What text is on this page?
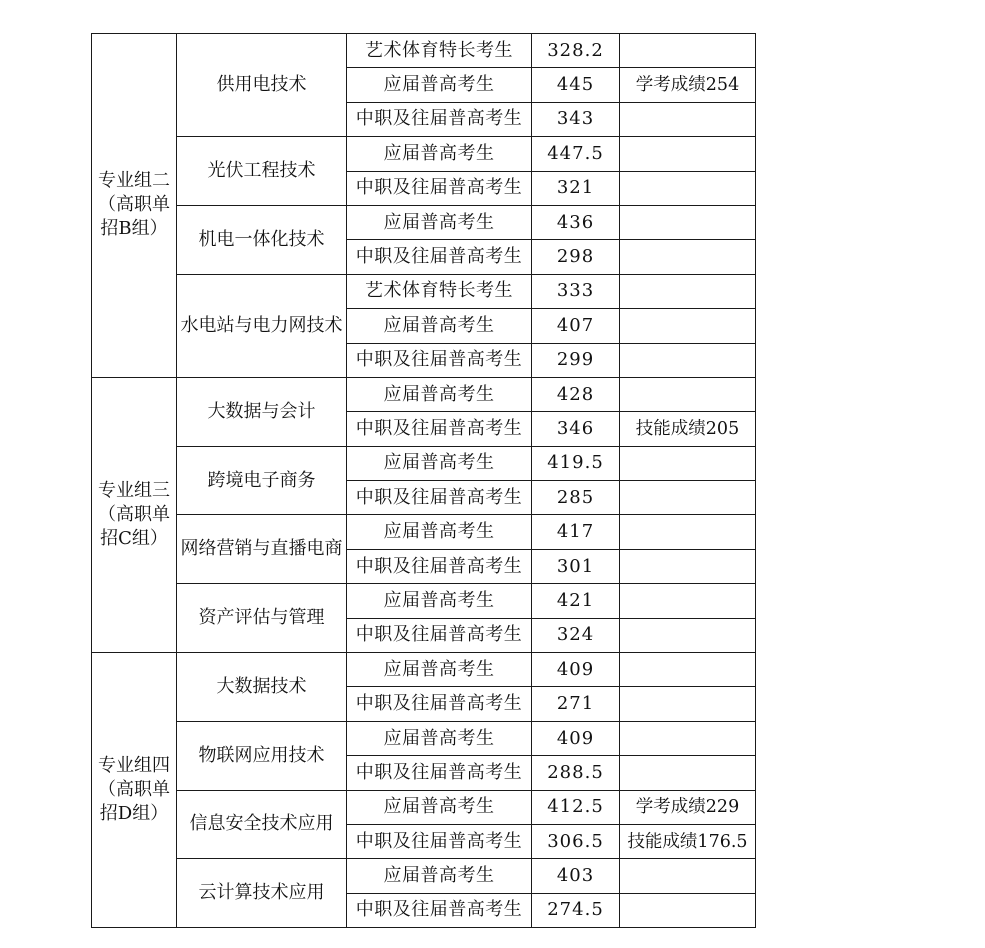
专业组二（高职单招B组）	供用电技术	艺术体育特长考生	328.2	
		应届普高考生	445	学考成绩254
		中职及往届普高考生	343	
	光伏工程技术	应届普高考生	447.5	
		中职及往届普高考生	321	
	机电一体化技术	应届普高考生	436	
		中职及往届普高考生	298	
	水电站与电力网技术	艺术体育特长考生	333	
		应届普高考生	407	
		中职及往届普高考生	299	
专业组三（高职单招C组）	大数据与会计	应届普高考生	428	
		中职及往届普高考生	346	技能成绩205
	跨境电子商务	应届普高考生	419.5	
		中职及往届普高考生	285	
	网络营销与直播电商	应届普高考生	417	
		中职及往届普高考生	301	
	资产评估与管理	应届普高考生	421	
		中职及往届普高考生	324	
专业组四（高职单招D组）	大数据技术	应届普高考生	409	
		中职及往届普高考生	271	
	物联网应用技术	应届普高考生	409	
		中职及往届普高考生	288.5	
	信息安全技术应用	应届普高考生	412.5	学考成绩229
		中职及往届普高考生	306.5	技能成绩176.5
	云计算技术应用	应届普高考生	403	
		中职及往届普高考生	274.5	
